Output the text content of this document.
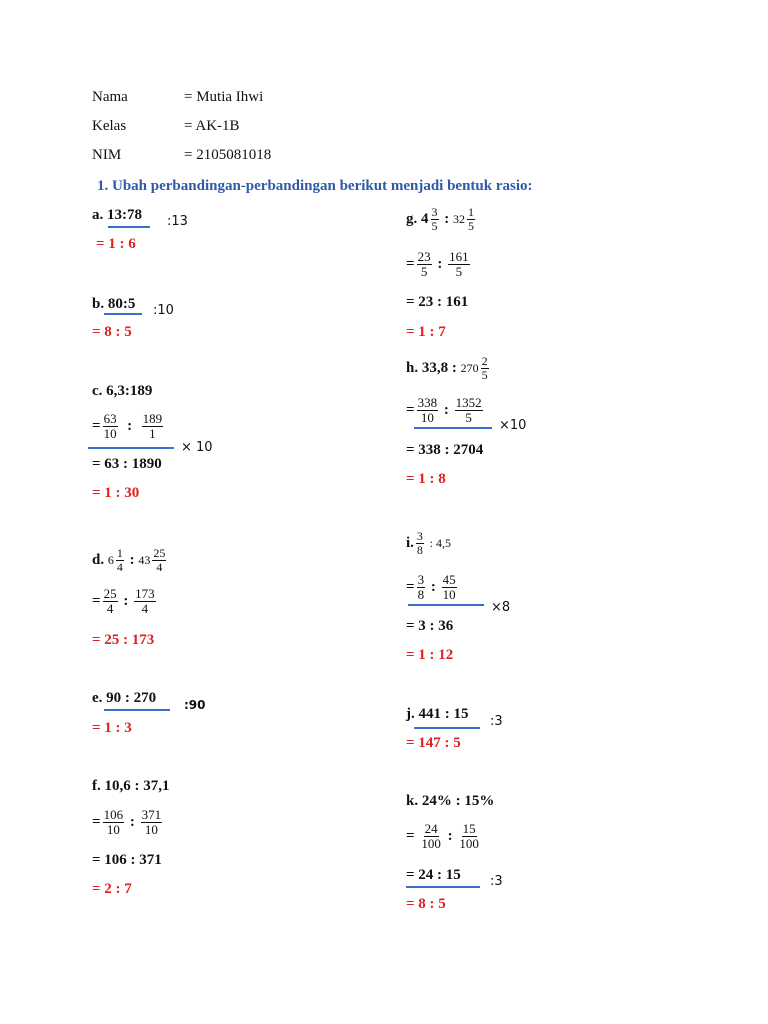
Nama	= Mutia Ihwi
Kelas	= AK-1B
NIM	= 2105081018
1. Ubah perbandingan-perbandingan berikut menjadi bentuk rasio:
a. 13:78 :13
= 1 : 6
b. 80:5 :10
= 8 : 5
c. 6,3:189
= $\frac{63}{10}$ : $\frac{189}{1}$
× 10
= 63 : 1890
= 1 : 30
d. $6 \frac{1}{4}$ : $43 \frac{25}{4}$
= $\frac{25}{4}$ : $\frac{173}{4}$
= 25 : 173
e. 90 : 270 :90
= 1 : 3
f. 10,6 : 37,1
= $\frac{106}{10}$ : $\frac{371}{10}$
= 106 : 371
= 2 : 7
g. $4 \frac{3}{5}$ : $32 \frac{1}{5}$
= $\frac{23}{5}$ : $\frac{161}{5}$
= 23 : 161
= 1 : 7
h. 33,8 : $270 \frac{2}{5}$
= $\frac{338}{10}$ : $\frac{1352}{5}$
×10
= 338 : 2704
= 1 : 8
i. $\frac{3}{8}$ : 4,5
= $\frac{3}{8}$ : $\frac{45}{10}$
×8
= 3 : 36
= 1 : 12
j. 441 : 15 :3
= 147 : 5
k. 24% : 15%
= $\frac{24}{100}$ : $\frac{15}{100}$
= 24 : 15 :3
= 8 : 5
